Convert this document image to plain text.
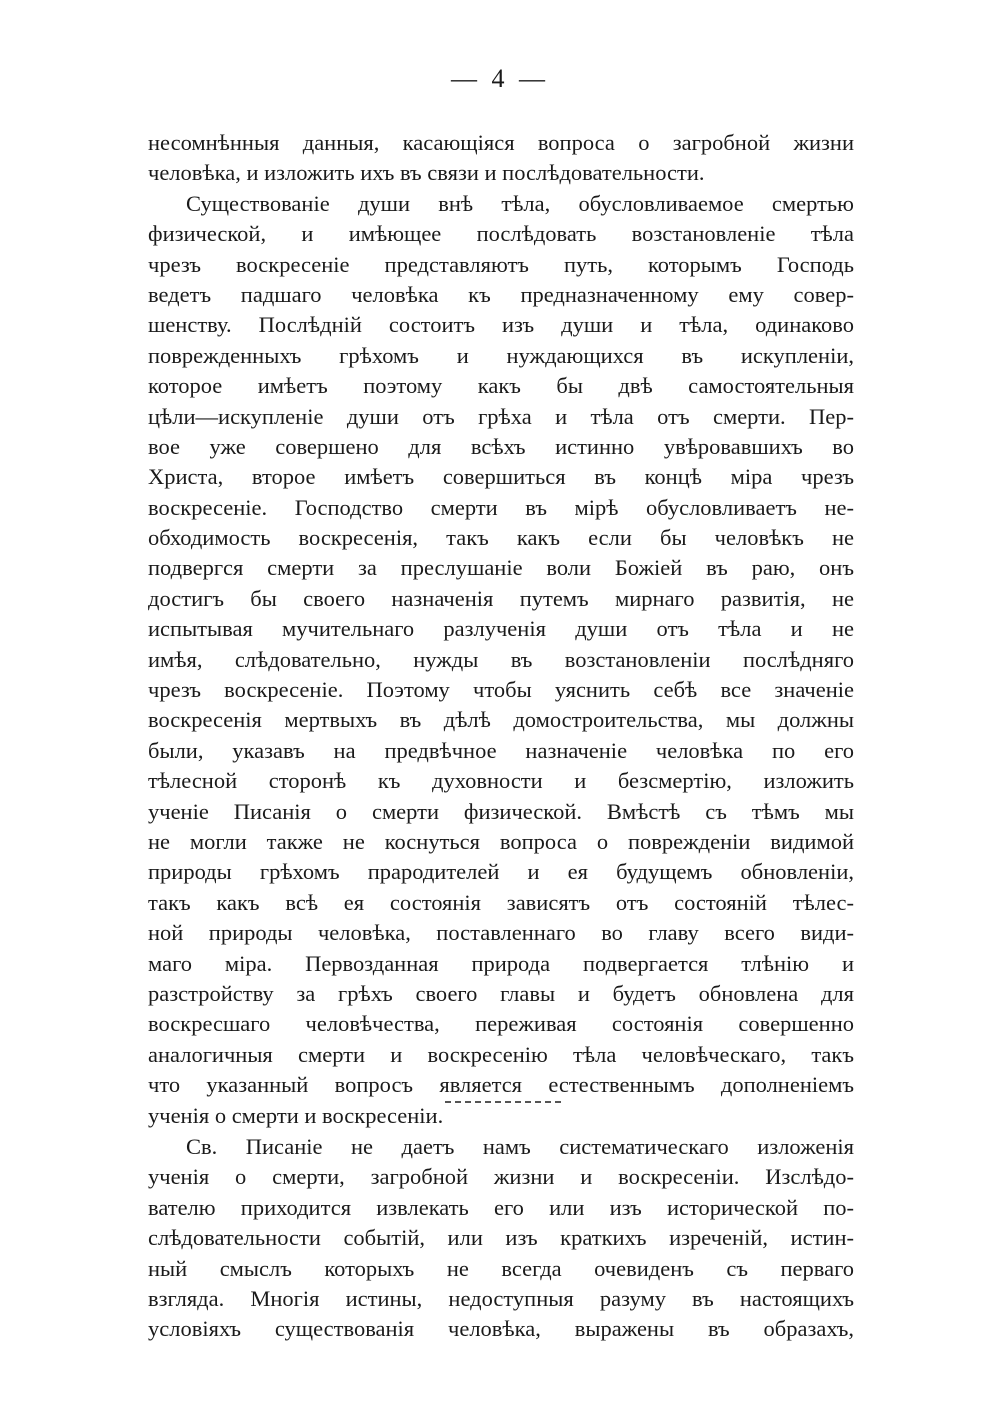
— 4 —
несомнѣнныя данныя, касающіяся вопроса о загробной жизни
человѣка, и изложить ихъ въ связи и послѣдовательности.
Существованіе души внѣ тѣла, обусловливаемое смертью
физической, и имѣющее послѣдовать возстановленіе тѣла
чрезъ воскресеніе представляютъ путь, которымъ Господь
ведетъ падшаго человѣка къ предназначенному ему совер-
шенству. Послѣдній состоитъ изъ души и тѣла, одинаково
поврежденныхъ грѣхомъ и нуждающихся въ искупленіи,
которое имѣетъ поэтому какъ бы двѣ самостоятельныя
цѣли—искупленіе души отъ грѣха и тѣла отъ смерти. Пер-
вое уже совершено для всѣхъ истинно увѣровавшихъ во
Христа, второе имѣетъ совершиться въ концѣ міра чрезъ
воскресеніе. Господство смерти въ мірѣ обусловливаетъ не-
обходимость воскресенія, такъ какъ если бы человѣкъ не
подвергся смерти за преслушаніе воли Божіей въ раю, онъ
достигъ бы своего назначенія путемъ мирнаго развитія, не
испытывая мучительнаго разлученія души отъ тѣла и не
имѣя, слѣдовательно, нужды въ возстановленіи послѣдняго
чрезъ воскресеніе. Поэтому чтобы уяснить себѣ все значеніе
воскресенія мертвыхъ въ дѣлѣ домостроительства, мы должны
были, указавъ на предвѣчное назначеніе человѣка по его
тѣлесной сторонѣ къ духовности и безсмертію, изложить
ученіе Писанія о смерти физической. Вмѣстѣ съ тѣмъ мы
не могли также не коснуться вопроса о поврежденіи видимой
природы грѣхомъ прародителей и ея будущемъ обновленіи,
такъ какъ всѣ ея состоянія зависятъ отъ состояній тѣлес-
ной природы человѣка, поставленнаго во главу всего види-
маго міра. Первозданная природа подвергается тлѣнію и
разстройству за грѣхъ своего главы и будетъ обновлена для
воскресшаго человѣчества, переживая состоянія совершенно
аналогичныя смерти и воскресенію тѣла человѣческаго, такъ
что указанный вопросъ является естественнымъ дополненіемъ
ученія о смерти и воскресеніи.
Св. Писаніе не даетъ намъ систематическаго изложенія
ученія о смерти, загробной жизни и воскресеніи. Изслѣдо-
вателю приходится извлекать его или изъ исторической по-
слѣдовательности событій, или изъ краткихъ изреченій, истин-
ный смыслъ которыхъ не всегда очевиденъ съ перваго
взгляда. Многія истины, недоступныя разуму въ настоящихъ
условіяхъ существованія человѣка, выражены въ образахъ,
